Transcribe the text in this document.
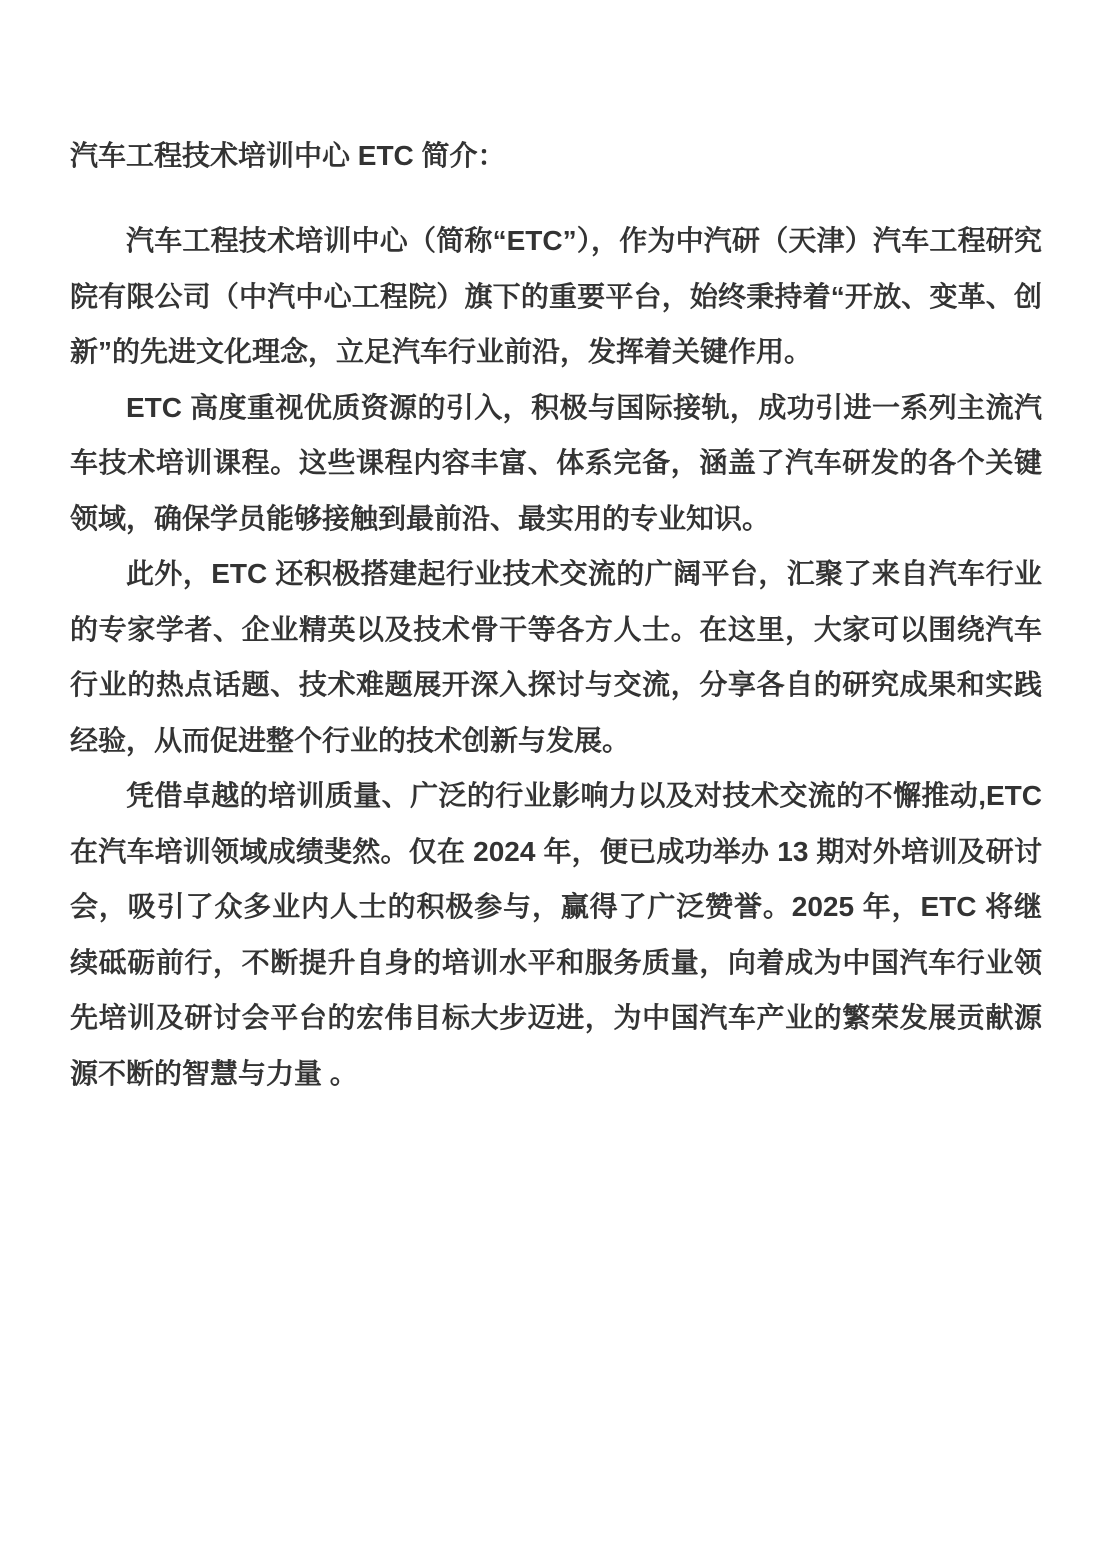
汽车工程技术培训中心 ETC 简介：

汽车工程技术培训中心（简称“ETC”），作为中汽研（天津）汽车工程研究院有限公司（中汽中心工程院）旗下的重要平台，始终秉持着“开放、变革、创新”的先进文化理念，立足汽车行业前沿，发挥着关键作用。

ETC 高度重视优质资源的引入，积极与国际接轨，成功引进一系列主流汽车技术培训课程。这些课程内容丰富、体系完备，涵盖了汽车研发的各个关键领域，确保学员能够接触到最前沿、最实用的专业知识。

此外，ETC 还积极搭建起行业技术交流的广阔平台，汇聚了来自汽车行业的专家学者、企业精英以及技术骨干等各方人士。在这里，大家可以围绕汽车行业的热点话题、技术难题展开深入探讨与交流，分享各自的研究成果和实践经验，从而促进整个行业的技术创新与发展。

凭借卓越的培训质量、广泛的行业影响力以及对技术交流的不懈推动,ETC 在汽车培训领域成绩斐然。仅在 2024 年，便已成功举办 13 期对外培训及研讨会，吸引了众多业内人士的积极参与，赢得了广泛赞誉。2025 年，ETC 将继续砥砺前行，不断提升自身的培训水平和服务质量，向着成为中国汽车行业领先培训及研讨会平台的宏伟目标大步迈进，为中国汽车产业的繁荣发展贡献源源不断的智慧与力量 。
